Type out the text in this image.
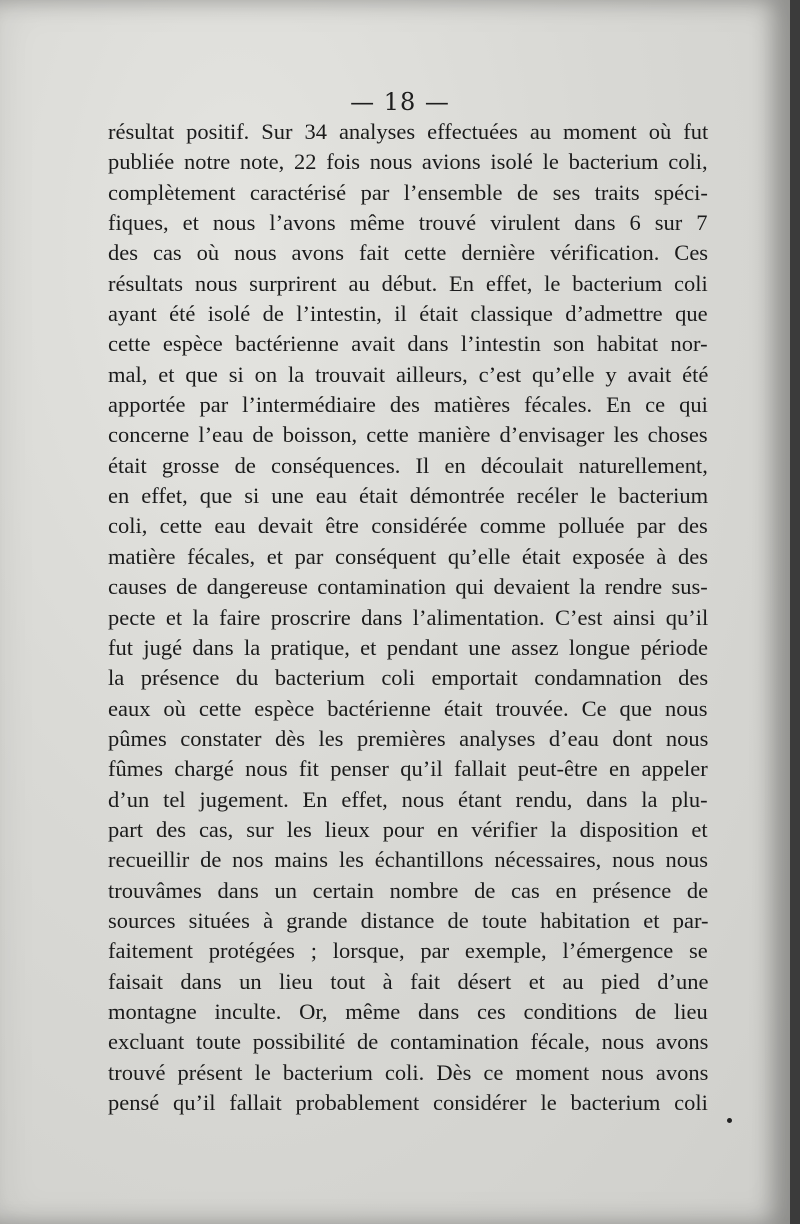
— 18 —
résultat positif. Sur 34 analyses effectuées au moment où fut
publiée notre note, 22 fois nous avions isolé le bacterium coli,
complètement caractérisé par l’ensemble de ses traits spéci-
fiques, et nous l’avons même trouvé virulent dans 6 sur 7
des cas où nous avons fait cette dernière vérification. Ces
résultats nous surprirent au début. En effet, le bacterium coli
ayant été isolé de l’intestin, il était classique d’admettre que
cette espèce bactérienne avait dans l’intestin son habitat nor-
mal, et que si on la trouvait ailleurs, c’est qu’elle y avait été
apportée par l’intermédiaire des matières fécales. En ce qui
concerne l’eau de boisson, cette manière d’envisager les choses
était grosse de conséquences. Il en découlait naturellement,
en effet, que si une eau était démontrée recéler le bacterium
coli, cette eau devait être considérée comme polluée par des
matière fécales, et par conséquent qu’elle était exposée à des
causes de dangereuse contamination qui devaient la rendre sus-
pecte et la faire proscrire dans l’alimentation. C’est ainsi qu’il
fut jugé dans la pratique, et pendant une assez longue période
la présence du bacterium coli emportait condamnation des
eaux où cette espèce bactérienne était trouvée. Ce que nous
pûmes constater dès les premières analyses d’eau dont nous
fûmes chargé nous fit penser qu’il fallait peut-être en appeler
d’un tel jugement. En effet, nous étant rendu, dans la plu-
part des cas, sur les lieux pour en vérifier la disposition et
recueillir de nos mains les échantillons nécessaires, nous nous
trouvâmes dans un certain nombre de cas en présence de
sources situées à grande distance de toute habitation et par-
faitement protégées ; lorsque, par exemple, l’émergence se
faisait dans un lieu tout à fait désert et au pied d’une
montagne inculte. Or, même dans ces conditions de lieu
excluant toute possibilité de contamination fécale, nous avons
trouvé présent le bacterium coli. Dès ce moment nous avons
pensé qu’il fallait probablement considérer le bacterium coli
